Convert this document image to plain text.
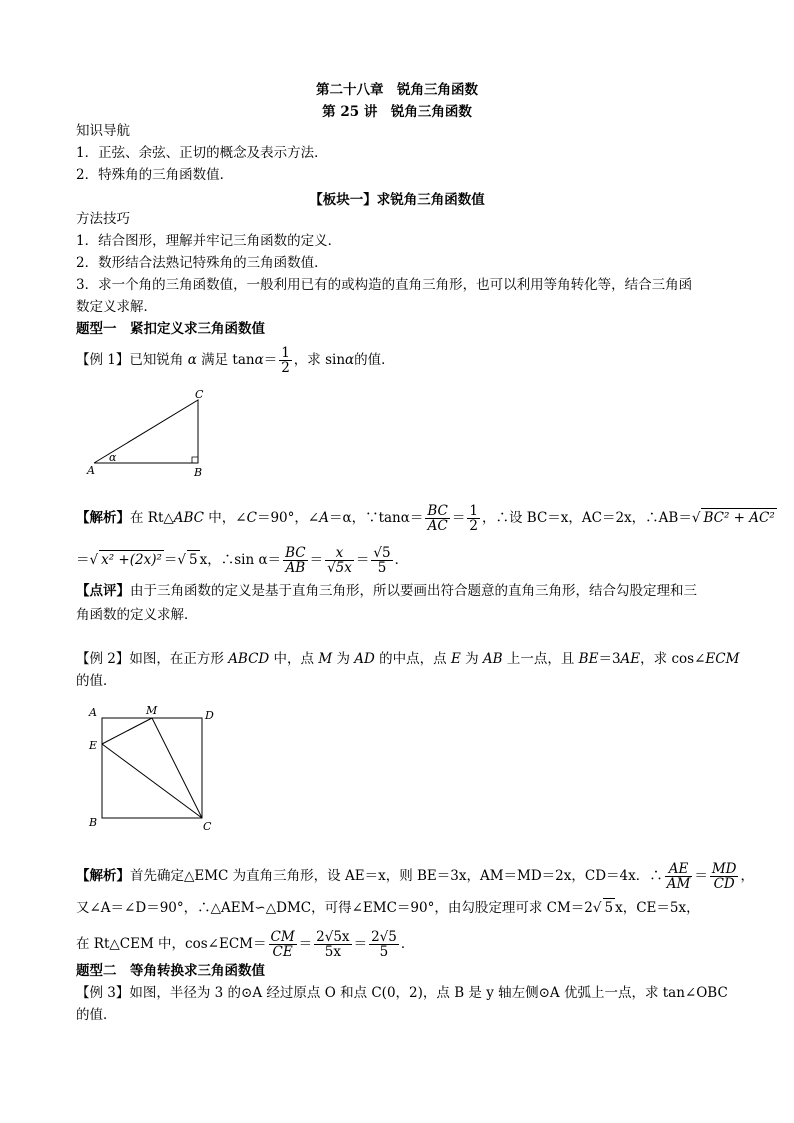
第二十八章　锐角三角函数
第 25 讲　锐角三角函数
知识导航
1．正弦、余弦、正切的概念及表示方法．
2．特殊角的三角函数值．
【板块一】求锐角三角函数值
方法技巧
1．结合图形，理解并牢记三角函数的定义．
2．数形结合法熟记特殊角的三角函数值．
3．求一个角的三角函数值，一般利用已有的或构造的直角三角形，也可以利用等角转化等，结合三角函
数定义求解．
题型一　紧扣定义求三角函数值
【例 1】已知锐角 α 满足 $\tan\alpha= \frac{1}{2}$ ，求 sinα的值．
A	B
C
α
【解析】在 Rt△ABC 中，∠C＝90°，∠A＝α，∵tanα＝ $\frac{BC}{AC} = \frac{1}{2}$ ，∴设 BC＝x，AC＝2x，∴AB＝√ BC² + AC²
＝√ x² +(2x)² ＝√ 5 x，∴sin $\alpha= \frac{BC}{AB} = \frac{x}{√5x} = \frac{√5}{5}$ ．
【点评】由于三角函数的定义是基于直角三角形，所以要画出符合题意的直角三角形，结合勾股定理和三
角函数的定义求解．
【例 2】如图，在正方形 ABCD 中，点 M 为 AD 的中点，点 E 为 AB 上一点，且 BE＝3AE，求 cos∠ECM
的值．
A	M	D
E
B	C
【解析】首先确定△EMC 为直角三角形，设 AE＝x，则 BE＝3x，AM＝MD＝2x，CD＝4x．∴ $\frac{AE}{AM} = \frac{MD}{CD}$ ，
又∠A＝∠D＝90°，∴△AEM∽△DMC，可得∠EMC＝90°，由勾股定理可求 CM＝2√ 5 x，CE＝5x，
在 Rt△CEM 中，cos∠ECM＝ $\frac{CM}{CE} = \frac{2√5x}{5x} = \frac{2√5}{5}$ ．
题型二　等角转换求三角函数值
【例 3】如图，半径为 3 的⊙A 经过原点 O 和点 C(0，2)，点 B 是 y 轴左侧⊙A 优弧上一点，求 tan∠OBC
的值．
